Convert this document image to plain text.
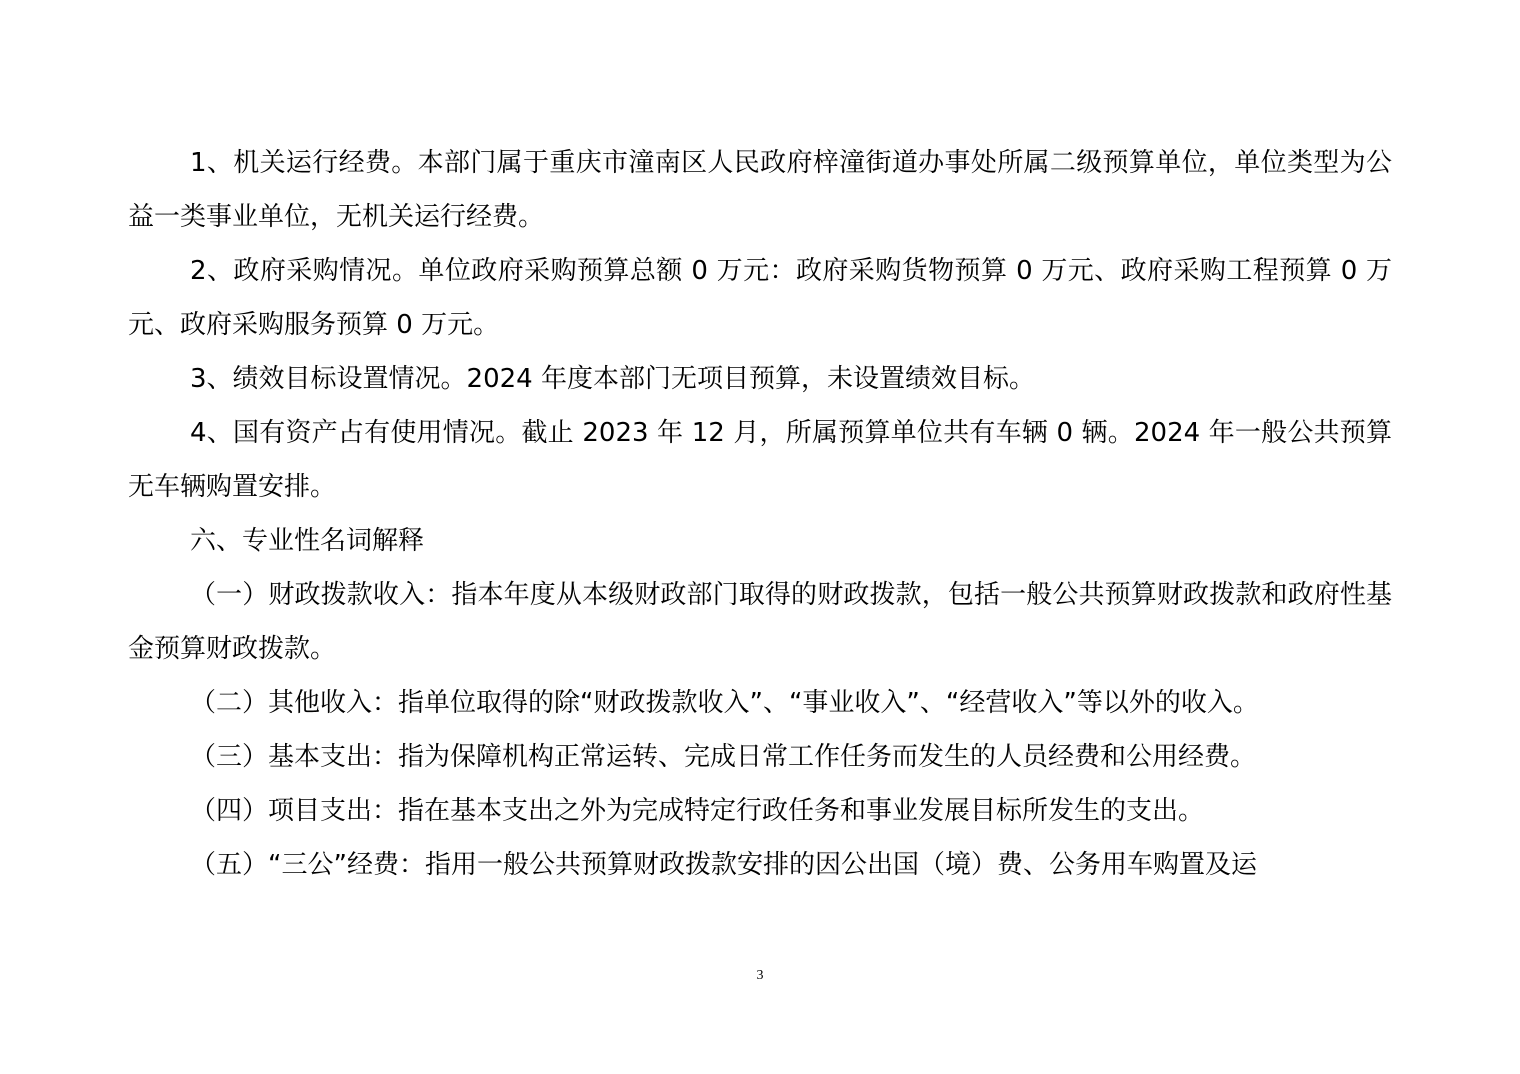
1、机关运行经费。本部门属于重庆市潼南区人民政府梓潼街道办事处所属二级预算单位，单位类型为公益一类事业单位，无机关运行经费。

2、政府采购情况。单位政府采购预算总额 0 万元：政府采购货物预算 0 万元、政府采购工程预算 0 万元、政府采购服务预算 0 万元。

3、绩效目标设置情况。2024 年度本部门无项目预算，未设置绩效目标。

4、国有资产占有使用情况。截止 2023 年 12 月，所属预算单位共有车辆 0 辆。2024 年一般公共预算无车辆购置安排。

六、专业性名词解释

（一）财政拨款收入：指本年度从本级财政部门取得的财政拨款，包括一般公共预算财政拨款和政府性基金预算财政拨款。

（二）其他收入：指单位取得的除“财政拨款收入”、“事业收入”、“经营收入”等以外的收入。

（三）基本支出：指为保障机构正常运转、完成日常工作任务而发生的人员经费和公用经费。

（四）项目支出：指在基本支出之外为完成特定行政任务和事业发展目标所发生的支出。

（五）“三公”经费：指用一般公共预算财政拨款安排的因公出国（境）费、公务用车购置及运

3
